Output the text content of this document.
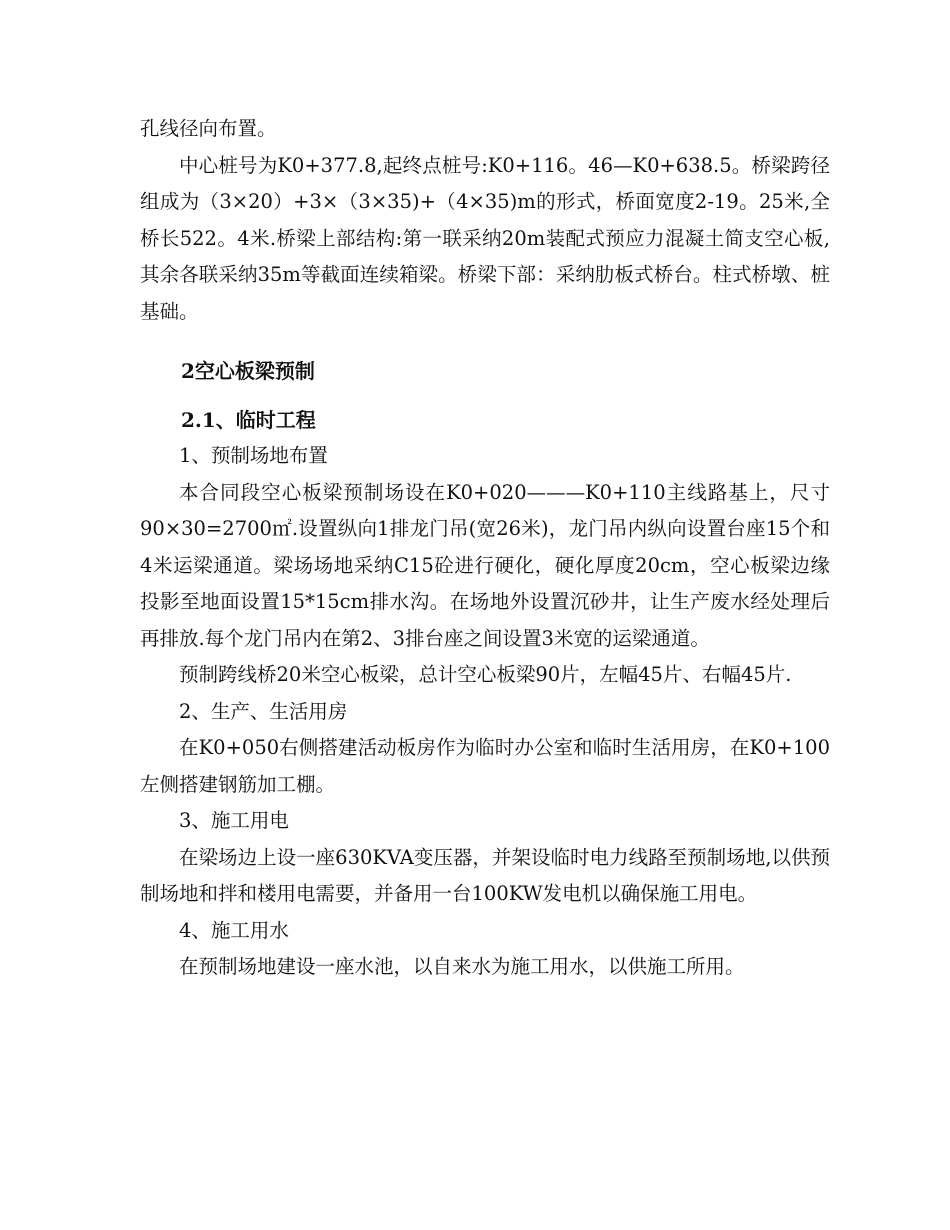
孔线径向布置。

中心桩号为K0+377.8,起终点桩号:K0+116。46—K0+638.5。桥梁跨径组成为（3×20）+3×（3×35)+（4×35)m的形式，桥面宽度2-19。25米,全桥长522。4米.桥梁上部结构:第一联采纳20m装配式预应力混凝土简支空心板,其余各联采纳35m等截面连续箱梁。桥梁下部：采纳肋板式桥台。柱式桥墩、桩基础。

2空心板梁预制

2.1、临时工程

1、预制场地布置

本合同段空心板梁预制场设在K0+020———K0+110主线路基上，尺寸90×30=2700㎡.设置纵向1排龙门吊(宽26米)，龙门吊内纵向设置台座15个和4米运梁通道。梁场场地采纳C15砼进行硬化，硬化厚度20cm，空心板梁边缘投影至地面设置15*15cm排水沟。在场地外设置沉砂井，让生产废水经处理后再排放.每个龙门吊内在第2、3排台座之间设置3米宽的运梁通道。

预制跨线桥20米空心板梁，总计空心板梁90片，左幅45片、右幅45片.

2、生产、生活用房

在K0+050右侧搭建活动板房作为临时办公室和临时生活用房，在K0+100左侧搭建钢筋加工棚。

3、施工用电

在梁场边上设一座630KVA变压器，并架设临时电力线路至预制场地,以供预制场地和拌和楼用电需要，并备用一台100KW发电机以确保施工用电。

4、施工用水

在预制场地建设一座水池，以自来水为施工用水，以供施工所用。
